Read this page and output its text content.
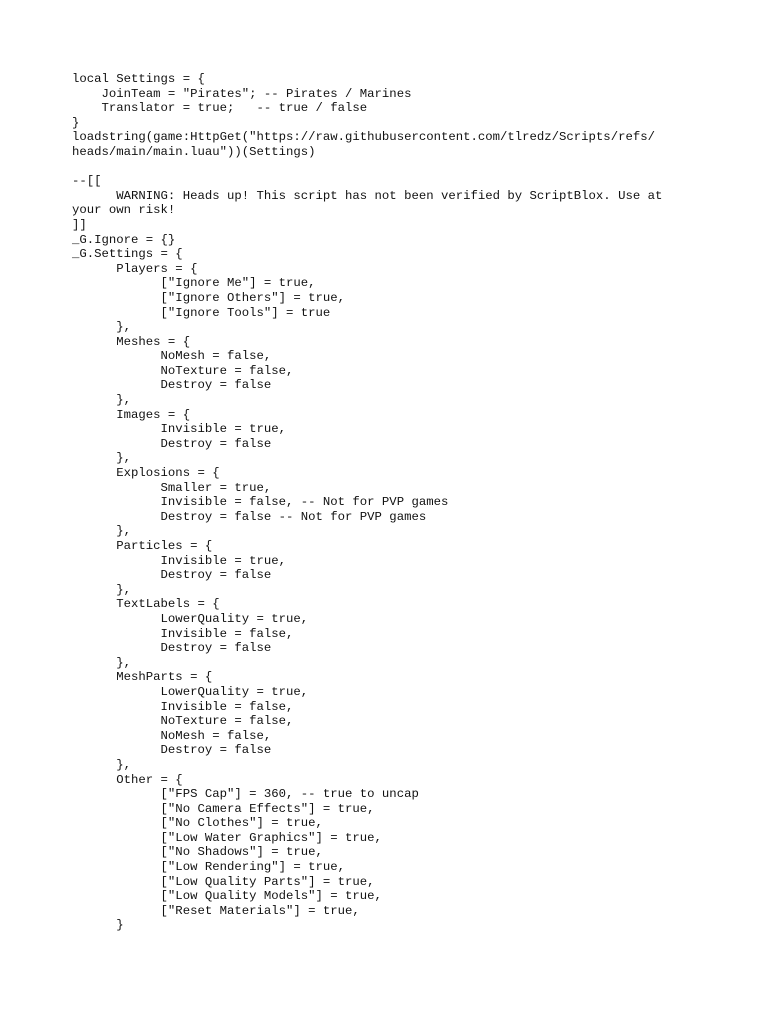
local Settings = {
JoinTeam = "Pirates"; -- Pirates / Marines
Translator = true;   -- true / false
}
loadstring(game:HttpGet("https://raw.githubusercontent.com/tlredz/Scripts/refs/
heads/main/main.luau"))(Settings)
--[[
WARNING: Heads up! This script has not been verified by ScriptBlox. Use at
your own risk!
]]
_G.Ignore = {}
_G.Settings = {
Players = {
["Ignore Me"] = true,
["Ignore Others"] = true,
["Ignore Tools"] = true
},
Meshes = {
NoMesh = false,
NoTexture = false,
Destroy = false
},
Images = {
Invisible = true,
Destroy = false
},
Explosions = {
Smaller = true,
Invisible = false, -- Not for PVP games
Destroy = false -- Not for PVP games
},
Particles = {
Invisible = true,
Destroy = false
},
TextLabels = {
LowerQuality = true,
Invisible = false,
Destroy = false
},
MeshParts = {
LowerQuality = true,
Invisible = false,
NoTexture = false,
NoMesh = false,
Destroy = false
},
Other = {
["FPS Cap"] = 360, -- true to uncap
["No Camera Effects"] = true,
["No Clothes"] = true,
["Low Water Graphics"] = true,
["No Shadows"] = true,
["Low Rendering"] = true,
["Low Quality Parts"] = true,
["Low Quality Models"] = true,
["Reset Materials"] = true,
}
